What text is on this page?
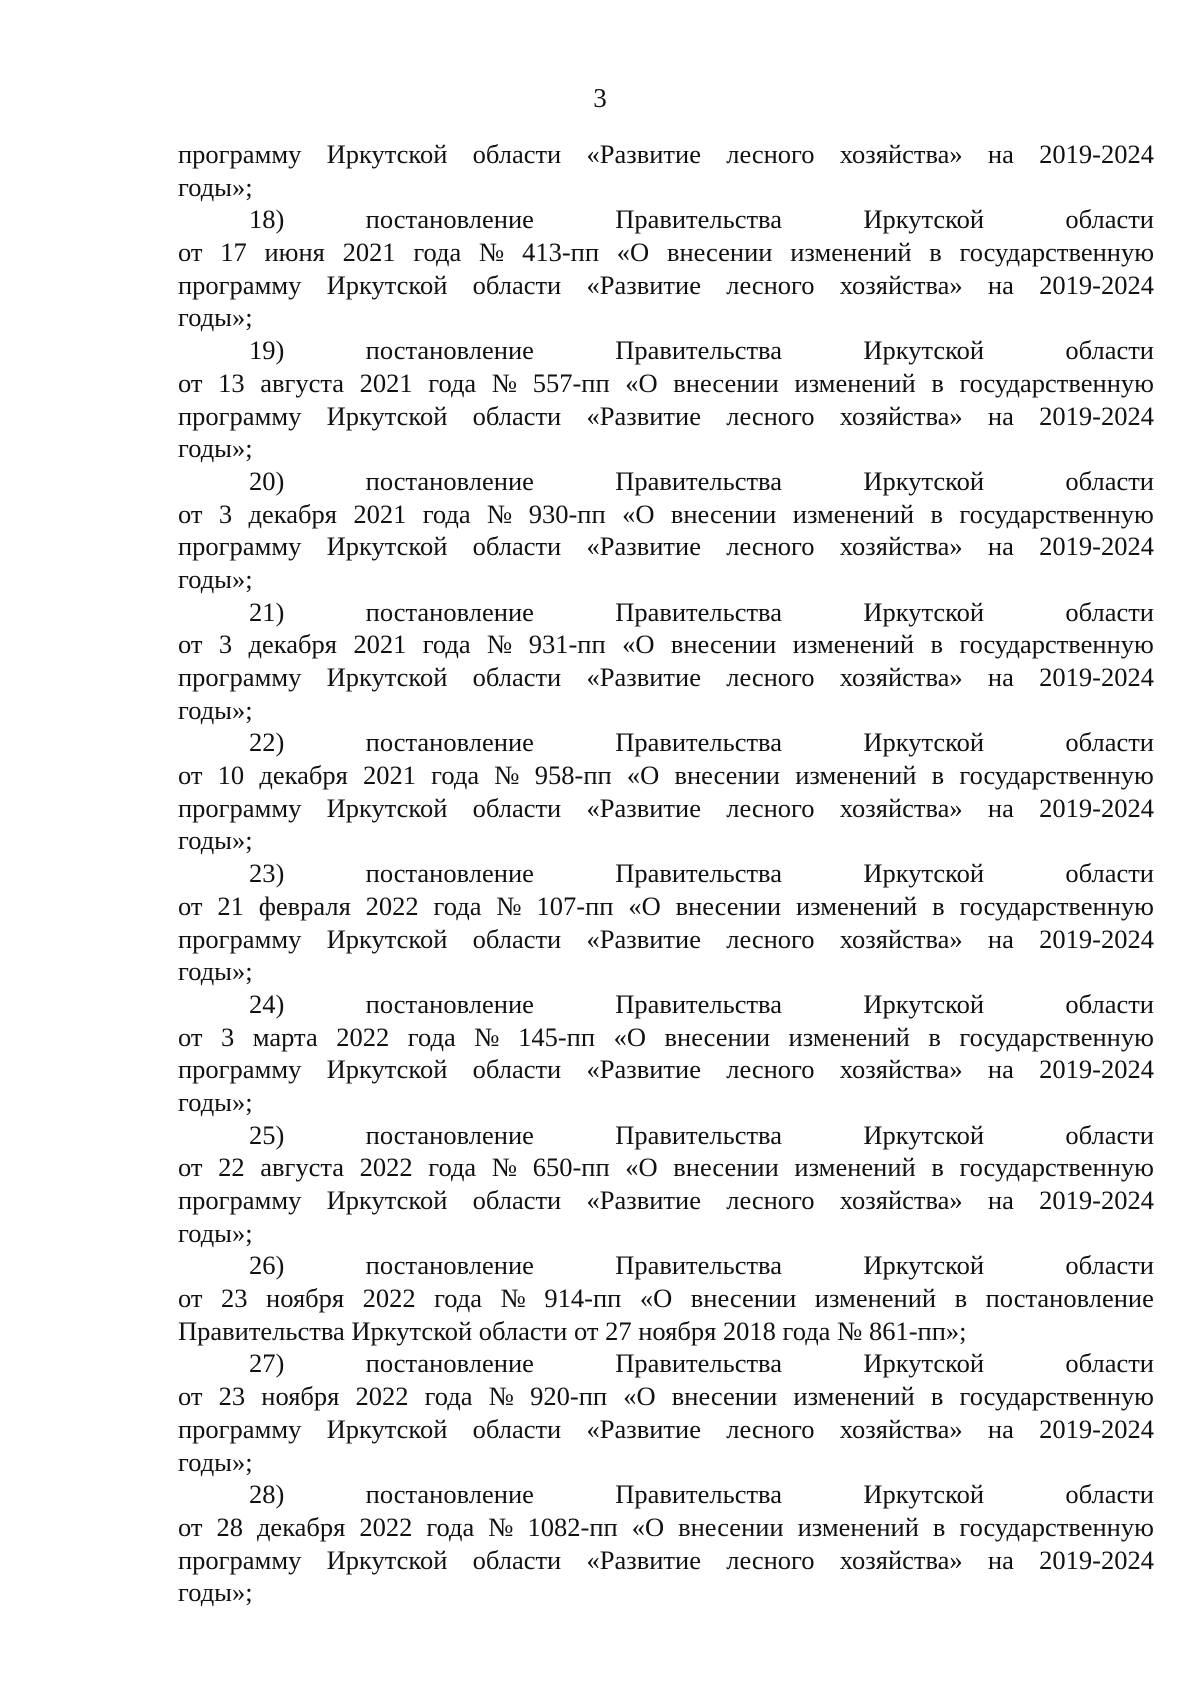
3
программу Иркутской области «Развитие лесного хозяйства» на 2019-2024
годы»;
18)	постановление	Правительства	Иркутской	области
от 17 июня 2021 года № 413-пп «О внесении изменений в государственную
программу Иркутской области «Развитие лесного хозяйства» на 2019-2024
годы»;
19)	постановление	Правительства	Иркутской	области
от 13 августа 2021 года № 557-пп «О внесении изменений в государственную
программу Иркутской области «Развитие лесного хозяйства» на 2019-2024
годы»;
20)	постановление	Правительства	Иркутской	области
от 3 декабря 2021 года № 930-пп «О внесении изменений в государственную
программу Иркутской области «Развитие лесного хозяйства» на 2019-2024
годы»;
21)	постановление	Правительства	Иркутской	области
от 3 декабря 2021 года № 931-пп «О внесении изменений в государственную
программу Иркутской области «Развитие лесного хозяйства» на 2019-2024
годы»;
22)	постановление	Правительства	Иркутской	области
от 10 декабря 2021 года № 958-пп «О внесении изменений в государственную
программу Иркутской области «Развитие лесного хозяйства» на 2019-2024
годы»;
23)	постановление	Правительства	Иркутской	области
от 21 февраля 2022 года № 107-пп «О внесении изменений в государственную
программу Иркутской области «Развитие лесного хозяйства» на 2019-2024
годы»;
24)	постановление	Правительства	Иркутской	области
от 3 марта 2022 года № 145-пп «О внесении изменений в государственную
программу Иркутской области «Развитие лесного хозяйства» на 2019-2024
годы»;
25)	постановление	Правительства	Иркутской	области
от 22 августа 2022 года № 650-пп «О внесении изменений в государственную
программу Иркутской области «Развитие лесного хозяйства» на 2019-2024
годы»;
26)	постановление	Правительства	Иркутской	области
от 23 ноября 2022 года № 914-пп «О внесении изменений в постановление
Правительства Иркутской области от 27 ноября 2018 года № 861-пп»;
27)	постановление	Правительства	Иркутской	области
от 23 ноября 2022 года № 920-пп «О внесении изменений в государственную
программу Иркутской области «Развитие лесного хозяйства» на 2019-2024
годы»;
28)	постановление	Правительства	Иркутской	области
от 28 декабря 2022 года № 1082-пп «О внесении изменений в государственную
программу Иркутской области «Развитие лесного хозяйства» на 2019-2024
годы»;
